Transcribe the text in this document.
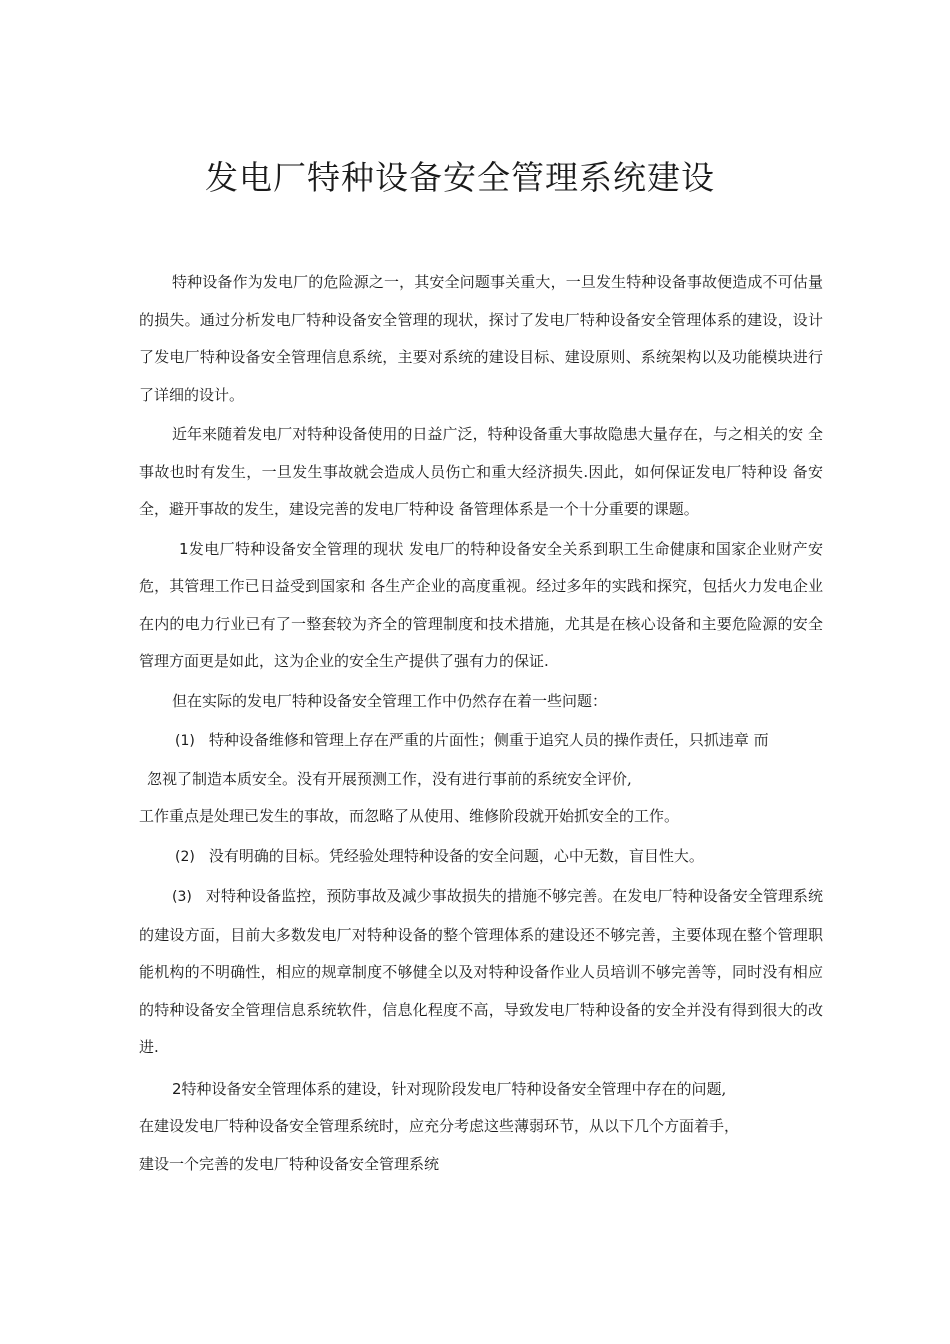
发电厂特种设备安全管理系统建设

特种设备作为发电厂的危险源之一，其安全问题事关重大，一旦发生特种设备事故便造成不可估量的损失。通过分析发电厂特种设备安全管理的现状，探讨了发电厂特种设备安全管理体系的建设，设计了发电厂特种设备安全管理信息系统，主要对系统的建设目标、建设原则、系统架构以及功能模块进行了详细的设计。

近年来随着发电厂对特种设备使用的日益广泛，特种设备重大事故隐患大量存在，与之相关的安 全事故也时有发生，一旦发生事故就会造成人员伤亡和重大经济损失.因此，如何保证发电厂特种设 备安全，避开事故的发生，建设完善的发电厂特种设 备管理体系是一个十分重要的课题。

1发电厂特种设备安全管理的现状 发电厂的特种设备安全关系到职工生命健康和国家企业财产安危，其管理工作已日益受到国家和 各生产企业的高度重视。经过多年的实践和探究，包括火力发电企业在内的电力行业已有了一整套较为齐全的管理制度和技术措施，尤其是在核心设备和主要危险源的安全管理方面更是如此，这为企业的安全生产提供了强有力的保证.

但在实际的发电厂特种设备安全管理工作中仍然存在着一些问题：

(1) 特种设备维修和管理上存在严重的片面性；侧重于追究人员的操作责任，只抓违章 而

忽视了制造本质安全。没有开展预测工作，没有进行事前的系统安全评价,

工作重点是处理已发生的事故，而忽略了从使用、维修阶段就开始抓安全的工作。

(2) 没有明确的目标。凭经验处理特种设备的安全问题，心中无数，盲目性大。

(3) 对特种设备监控，预防事故及减少事故损失的措施不够完善。在发电厂特种设备安全管理系统的建设方面，目前大多数发电厂对特种设备的整个管理体系的建设还不够完善，主要体现在整个管理职能机构的不明确性，相应的规章制度不够健全以及对特种设备作业人员培训不够完善等，同时没有相应的特种设备安全管理信息系统软件，信息化程度不高，导致发电厂特种设备的安全并没有得到很大的改进.

2特种设备安全管理体系的建设，针对现阶段发电厂特种设备安全管理中存在的问题,

在建设发电厂特种设备安全管理系统时，应充分考虑这些薄弱环节，从以下几个方面着手，

建设一个完善的发电厂特种设备安全管理系统
